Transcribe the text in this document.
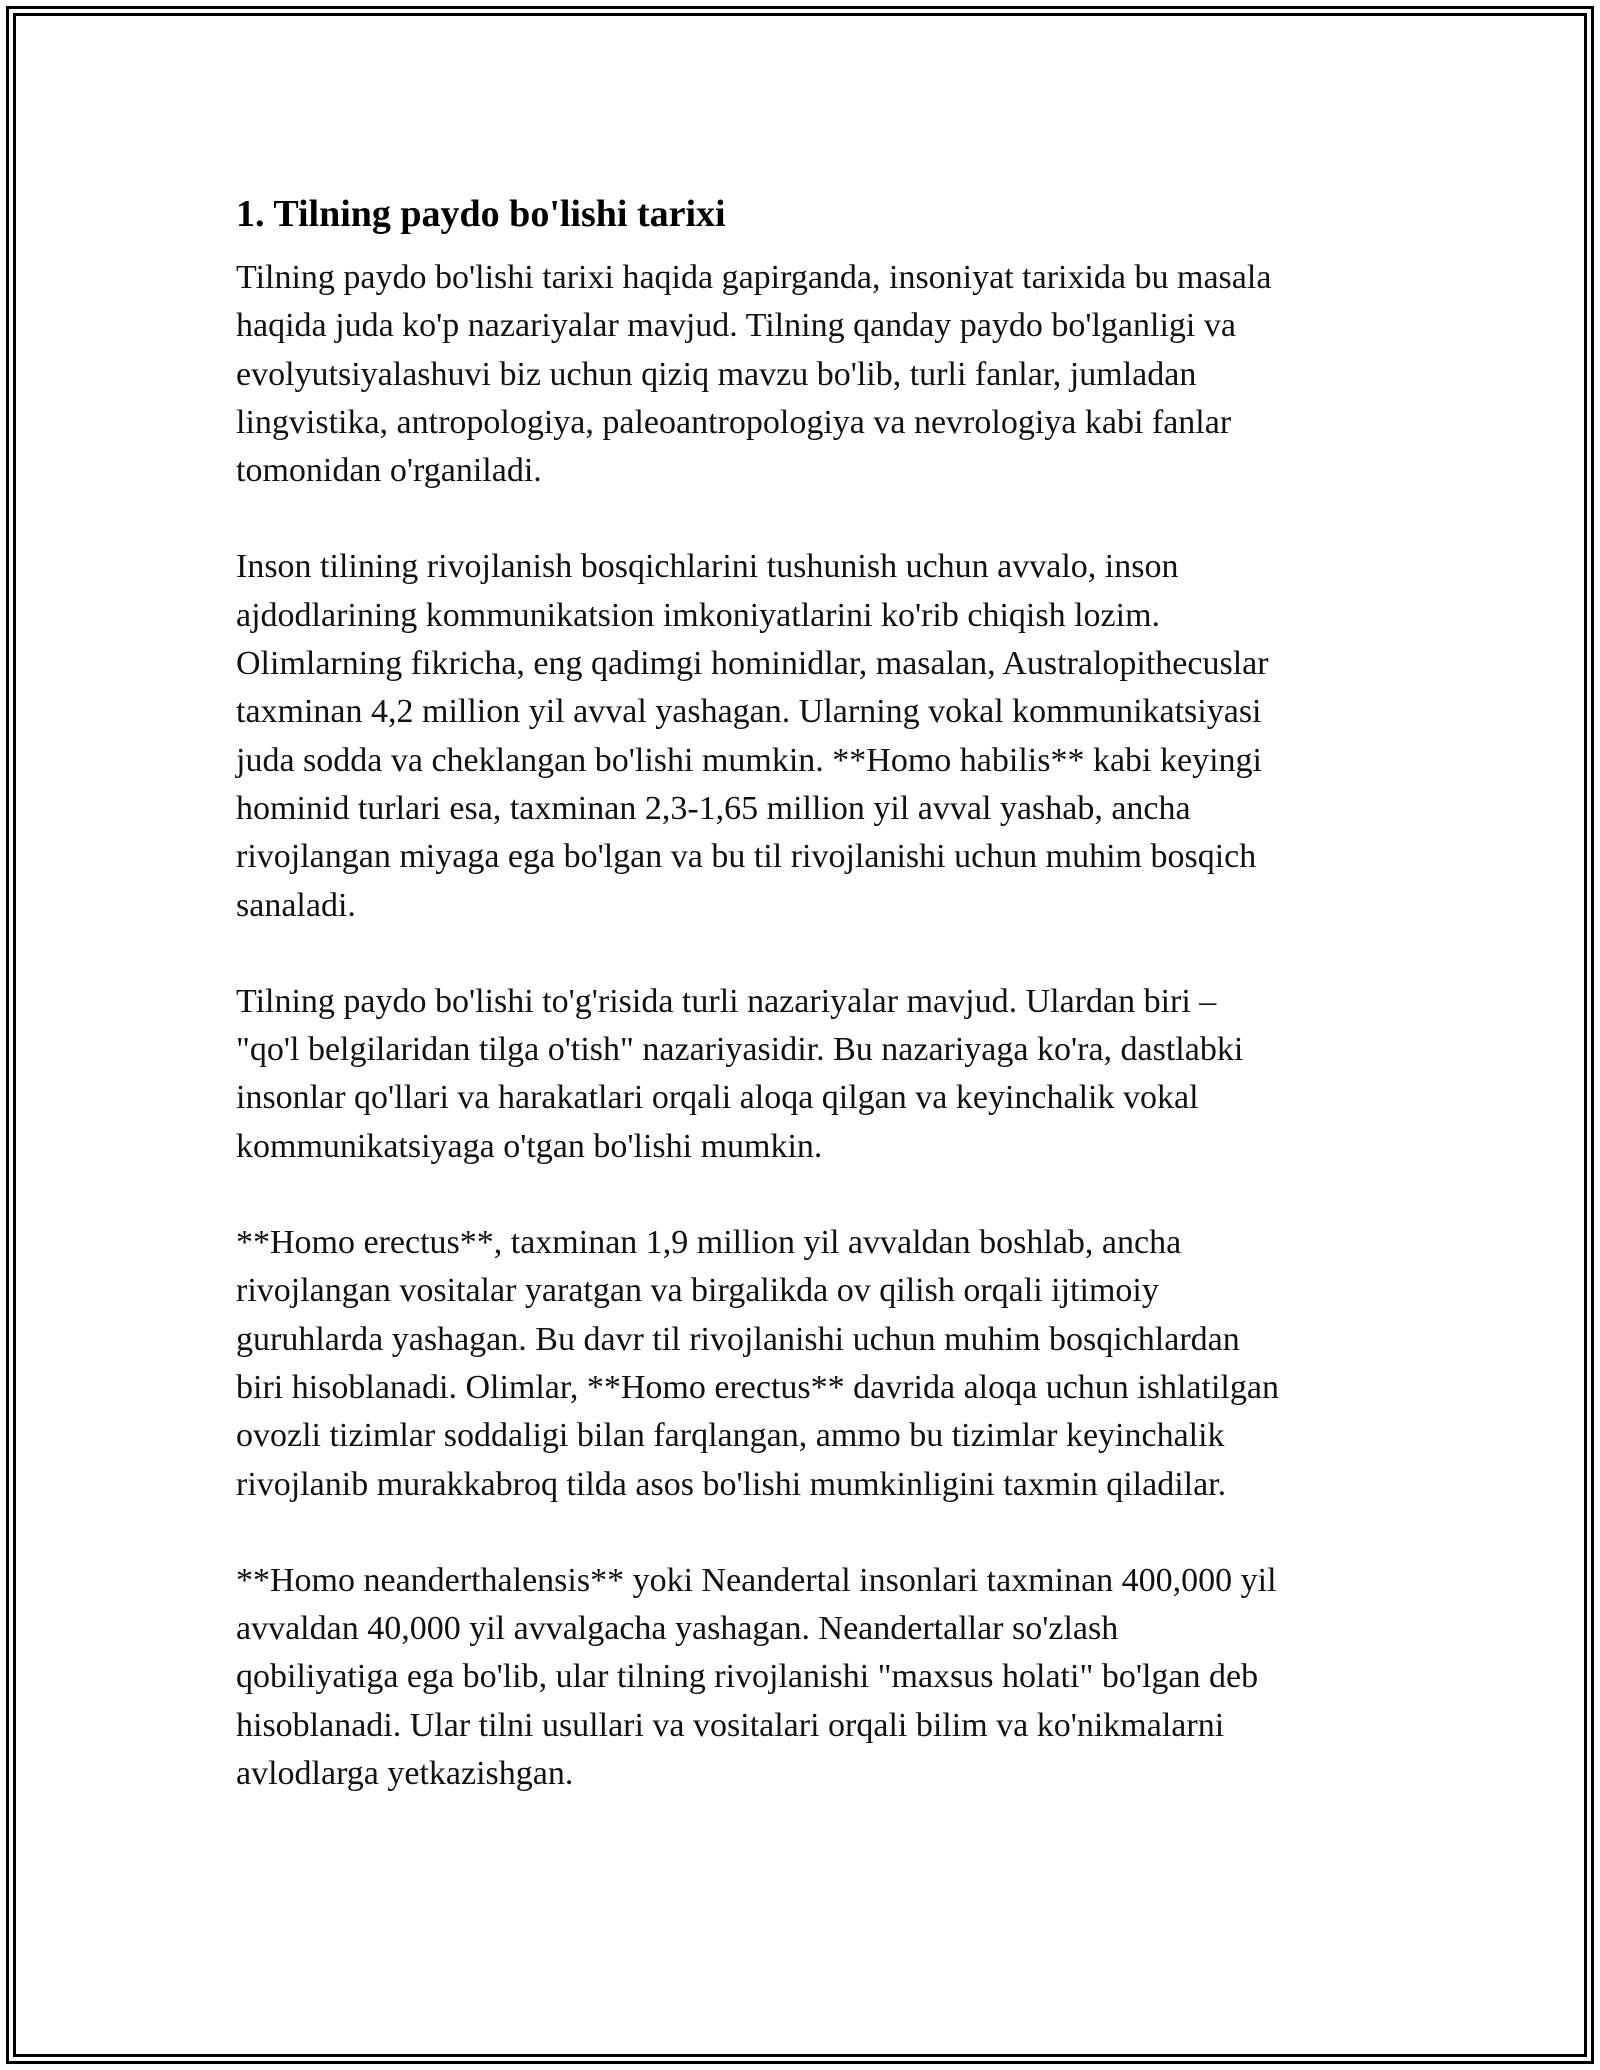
1. Tilning paydo bo'lishi tarixi

Tilning paydo bo'lishi tarixi haqida gapirganda, insoniyat tarixida bu masala
haqida juda ko'p nazariyalar mavjud. Tilning qanday paydo bo'lganligi va
evolyutsiyalashuvi biz uchun qiziq mavzu bo'lib, turli fanlar, jumladan
lingvistika, antropologiya, paleoantropologiya va nevrologiya kabi fanlar
tomonidan o'rganiladi.

Inson tilining rivojlanish bosqichlarini tushunish uchun avvalo, inson
ajdodlarining kommunikatsion imkoniyatlarini ko'rib chiqish lozim.
Olimlarning fikricha, eng qadimgi hominidlar, masalan, Australopithecuslar
taxminan 4,2 million yil avval yashagan. Ularning vokal kommunikatsiyasi
juda sodda va cheklangan bo'lishi mumkin. **Homo habilis** kabi keyingi
hominid turlari esa, taxminan 2,3-1,65 million yil avval yashab, ancha
rivojlangan miyaga ega bo'lgan va bu til rivojlanishi uchun muhim bosqich
sanaladi.

Tilning paydo bo'lishi to'g'risida turli nazariyalar mavjud. Ulardan biri –
"qo'l belgilaridan tilga o'tish" nazariyasidir. Bu nazariyaga ko'ra, dastlabki
insonlar qo'llari va harakatlari orqali aloqa qilgan va keyinchalik vokal
kommunikatsiyaga o'tgan bo'lishi mumkin.

**Homo erectus**, taxminan 1,9 million yil avvaldan boshlab, ancha
rivojlangan vositalar yaratgan va birgalikda ov qilish orqali ijtimoiy
guruhlarda yashagan. Bu davr til rivojlanishi uchun muhim bosqichlardan
biri hisoblanadi. Olimlar, **Homo erectus** davrida aloqa uchun ishlatilgan
ovozli tizimlar soddaligi bilan farqlangan, ammo bu tizimlar keyinchalik
rivojlanib murakkabroq tilda asos bo'lishi mumkinligini taxmin qiladilar.

**Homo neanderthalensis** yoki Neandertal insonlari taxminan 400,000 yil
avvaldan 40,000 yil avvalgacha yashagan. Neandertallar so'zlash
qobiliyatiga ega bo'lib, ular tilning rivojlanishi "maxsus holati" bo'lgan deb
hisoblanadi. Ular tilni usullari va vositalari orqali bilim va ko'nikmalarni
avlodlarga yetkazishgan.
